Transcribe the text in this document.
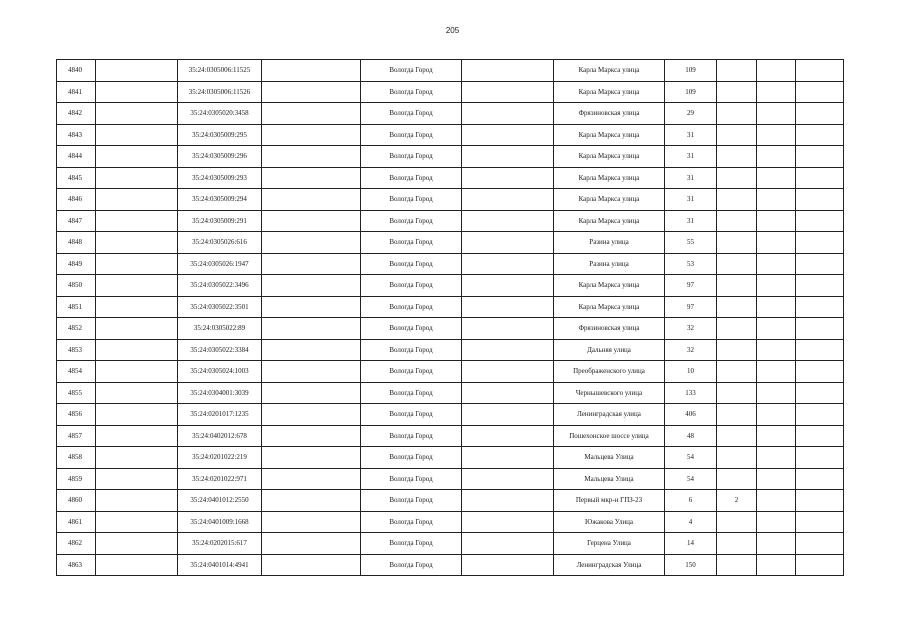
205
4840		35:24:0305006:11525		Вологда Город		Карла Маркса улица	109			
4841		35:24:0305006:11526		Вологда Город		Карла Маркса улица	109			
4842		35:24:0305020:3458		Вологда Город		Фрязиновская улица	29			
4843		35:24:0305009:295		Вологда Город		Карла Маркса улица	31			
4844		35:24:0305009:296		Вологда Город		Карла Маркса улица	31			
4845		35:24:0305009:293		Вологда Город		Карла Маркса улица	31			
4846		35:24:0305009:294		Вологда Город		Карла Маркса улица	31			
4847		35:24:0305009:291		Вологда Город		Карла Маркса улица	31			
4848		35:24:0305026:616		Вологда Город		Разина улица	55			
4849		35:24:0305026:1947		Вологда Город		Разина улица	53			
4850		35:24:0305022:3496		Вологда Город		Карла Маркса улица	97			
4851		35:24:0305022:3501		Вологда Город		Карла Маркса улица	97			
4852		35:24:0305022:89		Вологда Город		Фрязиновская улица	32			
4853		35:24:0305022:3384		Вологда Город		Дальняя улица	32			
4854		35:24:0305024:1003		Вологда Город		Преображенского улица	10			
4855		35:24:0304001:3039		Вологда Город		Чернышевского улица	133			
4856		35:24:0201017:1235		Вологда Город		Ленинградская улица	406			
4857		35:24:0402012:678		Вологда Город		Пошехонское шоссе улица	48			
4858		35:24:0201022:219		Вологда Город		Мальцева Улица	54			
4859		35:24:0201022:971		Вологда Город		Мальцева Улица	54			
4860		35:24:0401012:2550		Вологда Город		Первый мкр-н ГПЗ-23	6	2		
4861		35:24:0401009:1668		Вологда Город		Южакова Улица	4			
4862		35:24:0202015:617		Вологда Город		Герцена Улица	14			
4863		35:24:0401014:4941		Вологда Город		Ленинградская Улица	150			
